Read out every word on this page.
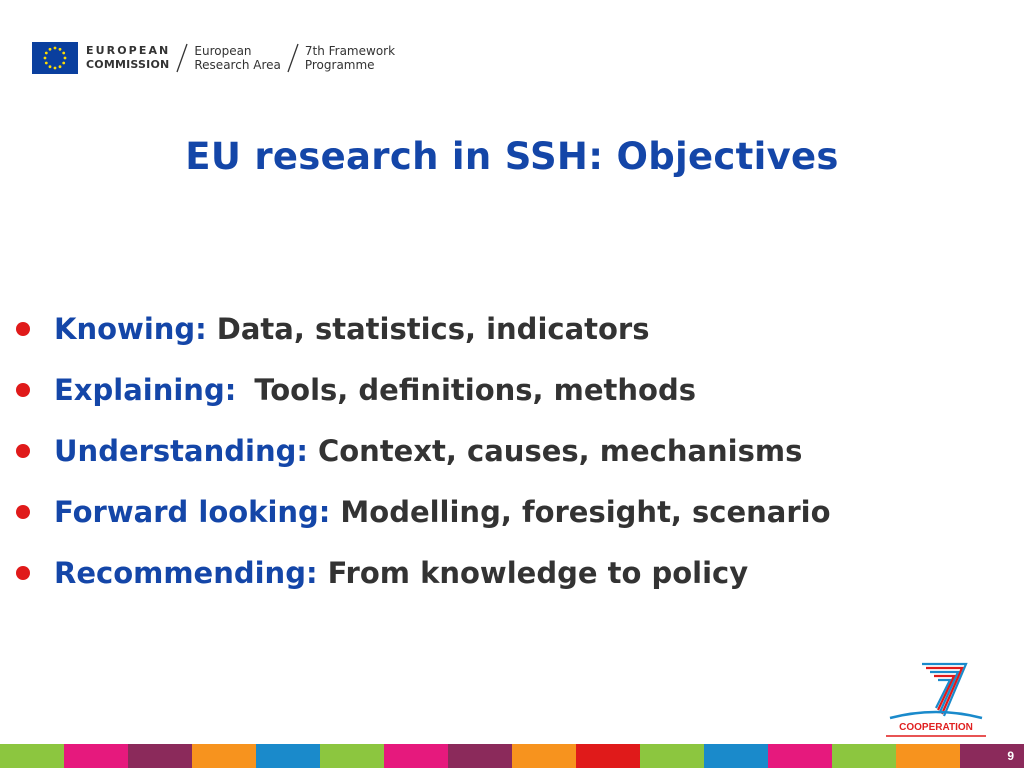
EUROPEAN
COMMISSION
European
Research Area
7th Framework
Programme
EU research in SSH: Objectives
Knowing: Data, statistics, indicators
Explaining: Tools, definitions, methods
Understanding: Context, causes, mechanisms
Forward looking: Modelling, foresight, scenario
Recommending: From knowledge to policy
COOPERATION
9
